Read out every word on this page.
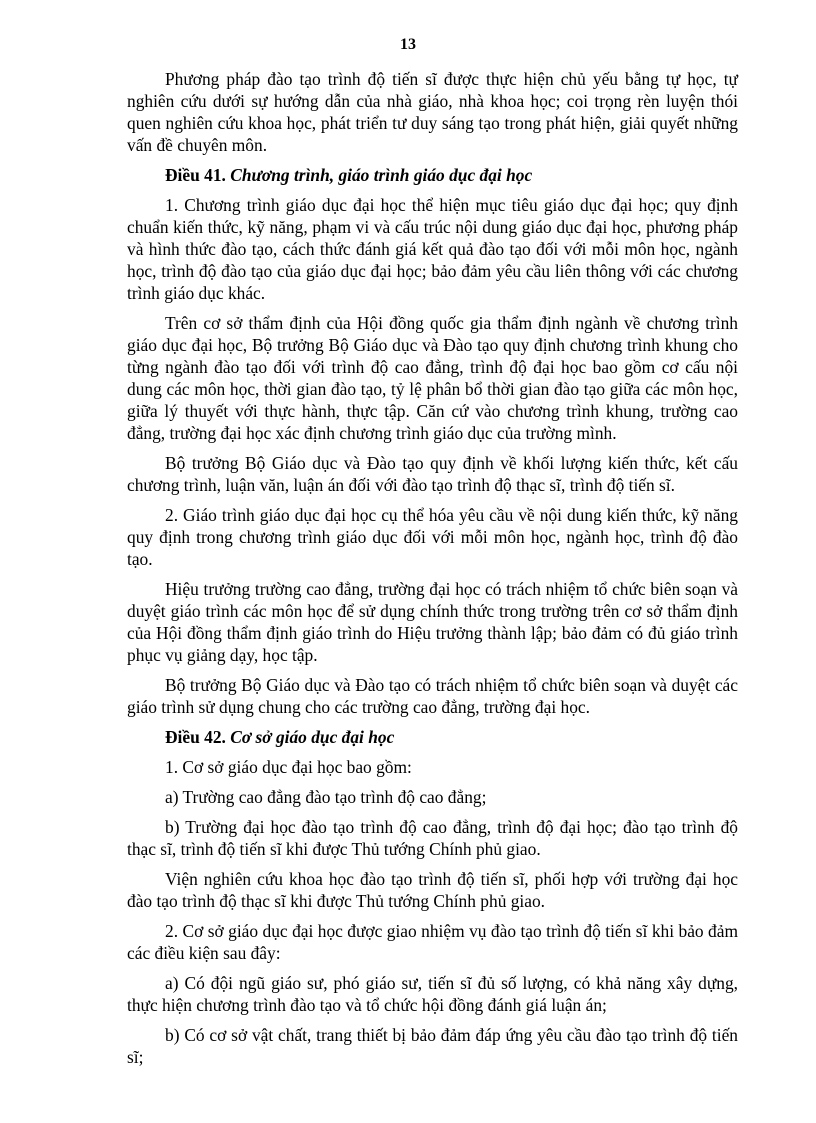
13

Phương pháp đào tạo trình độ tiến sĩ được thực hiện chủ yếu bằng tự học, tự nghiên cứu dưới sự hướng dẫn của nhà giáo, nhà khoa học; coi trọng rèn luyện thói quen nghiên cứu khoa học, phát triển tư duy sáng tạo trong phát hiện, giải quyết những vấn đề chuyên môn.

Điều 41. Chương trình, giáo trình giáo dục đại học

1. Chương trình giáo dục đại học thể hiện mục tiêu giáo dục đại học; quy định chuẩn kiến thức, kỹ năng, phạm vi và cấu trúc nội dung giáo dục đại học, phương pháp và hình thức đào tạo, cách thức đánh giá kết quả đào tạo đối với mỗi môn học, ngành học, trình độ đào tạo của giáo dục đại học; bảo đảm yêu cầu liên thông với các chương trình giáo dục khác.

Trên cơ sở thẩm định của Hội đồng quốc gia thẩm định ngành về chương trình giáo dục đại học, Bộ trưởng Bộ Giáo dục và Đào tạo quy định chương trình khung cho từng ngành đào tạo đối với trình độ cao đẳng, trình độ đại học bao gồm cơ cấu nội dung các môn học, thời gian đào tạo, tỷ lệ phân bổ thời gian đào tạo giữa các môn học, giữa lý thuyết với thực hành, thực tập. Căn cứ vào chương trình khung, trường cao đẳng, trường đại học xác định chương trình giáo dục của trường mình.

Bộ trưởng Bộ Giáo dục và Đào tạo quy định về khối lượng kiến thức, kết cấu chương trình, luận văn, luận án đối với đào tạo trình độ thạc sĩ, trình độ tiến sĩ.

2. Giáo trình giáo dục đại học cụ thể hóa yêu cầu về nội dung kiến thức, kỹ năng quy định trong chương trình giáo dục đối với mỗi môn học, ngành học, trình độ đào tạo.

Hiệu trưởng trường cao đẳng, trường đại học có trách nhiệm tổ chức biên soạn và duyệt giáo trình các môn học để sử dụng chính thức trong trường trên cơ sở thẩm định của Hội đồng thẩm định giáo trình do Hiệu trưởng thành lập; bảo đảm có đủ giáo trình phục vụ giảng dạy, học tập.

Bộ trưởng Bộ Giáo dục và Đào tạo có trách nhiệm tổ chức biên soạn và duyệt các giáo trình sử dụng chung cho các trường cao đẳng, trường đại học.

Điều 42. Cơ sở giáo dục đại học

1. Cơ sở giáo dục đại học bao gồm:

a) Trường cao đẳng đào tạo trình độ cao đẳng;

b) Trường đại học đào tạo trình độ cao đẳng, trình độ đại học; đào tạo trình độ thạc sĩ, trình độ tiến sĩ khi được Thủ tướng Chính phủ giao.

Viện nghiên cứu khoa học đào tạo trình độ tiến sĩ, phối hợp với trường đại học đào tạo trình độ thạc sĩ khi được Thủ tướng Chính phủ giao.

2. Cơ sở giáo dục đại học được giao nhiệm vụ đào tạo trình độ tiến sĩ khi bảo đảm các điều kiện sau đây:

a) Có đội ngũ giáo sư, phó giáo sư, tiến sĩ đủ số lượng, có khả năng xây dựng, thực hiện chương trình đào tạo và tổ chức hội đồng đánh giá luận án;

b) Có cơ sở vật chất, trang thiết bị bảo đảm đáp ứng yêu cầu đào tạo trình độ tiến sĩ;
